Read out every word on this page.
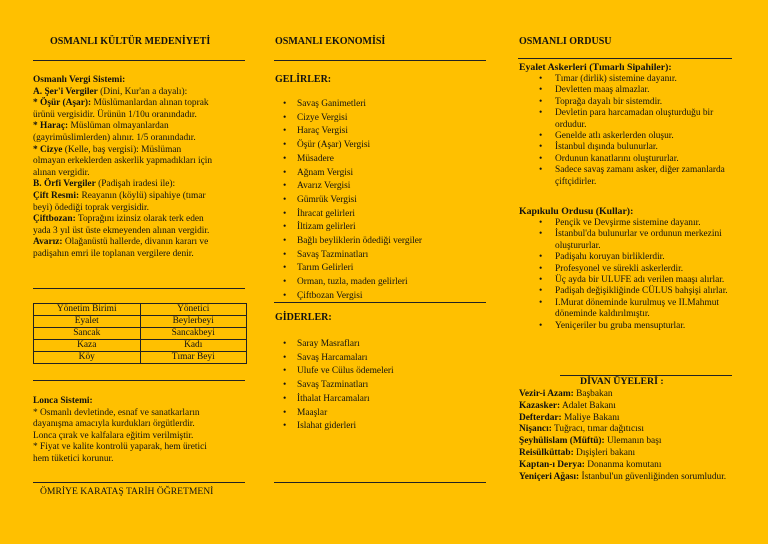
OSMANLI KÜLTÜR MEDENİYETİ
Osmanlı Vergi Sistemi:
A. Şer'i Vergiler (Dini, Kur'an a dayalı):
* Öşür (Aşar): Müslümanlardan alınan toprak
ürünü vergisidir. Ürünün 1/10u oranındadır.
* Haraç: Müslüman olmayanlardan
(gayrimüslimlerden) alınır. 1/5 oranındadır.
* Cizye (Kelle, baş vergisi): Müslüman
olmayan erkeklerden askerlik yapmadıkları için
alınan vergidir.
B. Örfi Vergiler (Padişah iradesi ile):
Çift Resmi: Reayanın (köylü) sipahiye (tımar
beyi) ödediği toprak vergisidir.
Çiftbozan: Toprağını izinsiz olarak terk eden
yada 3 yıl üst üste ekmeyenden alınan vergidir.
Avarız: Olağanüstü hallerde, divanın kararı ve
padişahın emri ile toplanan vergilere denir.
Yönetim Birimi	Yönetici
Eyalet	Beylerbeyi
Sancak	Sancakbeyi
Kaza	Kadı
Köy	Tımar Beyi
Lonca Sistemi:
* Osmanlı devletinde, esnaf ve sanatkarların
dayanışma amacıyla kurdukları örgütlerdir.
Lonca çırak ve kalfalara eğitim verilmiştir.
* Fiyat ve kalite kontrolü yaparak, hem üretici
hem tüketici korunur.
ÖMRİYE KARATAŞ TARİH ÖĞRETMENİ
OSMANLI EKONOMİSİ
GELİRLER:
• Savaş Ganimetleri
• Cizye Vergisi
• Haraç Vergisi
• Öşür (Aşar) Vergisi
• Müsadere
• Ağnam Vergisi
• Avarız Vergisi
• Gümrük Vergisi
• İhracat gelirleri
• İltizam gelirleri
• Bağlı beyliklerin ödediği vergiler
• Savaş Tazminatları
• Tarım Gelirleri
• Orman, tuzla, maden gelirleri
• Çiftbozan Vergisi
GİDERLER:
• Saray Masrafları
• Savaş Harcamaları
• Ulufe ve Cülus ödemeleri
• Savaş Tazminatları
• İthalat Harcamaları
• Maaşlar
• Islahat giderleri
OSMANLI ORDUSU
Eyalet Askerleri (Tımarlı Sipahiler):
• Tımar (dirlik) sistemine dayanır.
• Devletten maaş almazlar.
• Toprağa dayalı bir sistemdir.
• Devletin para harcamadan oluşturduğu bir ordudur.
• Genelde atlı askerlerden oluşur.
• İstanbul dışında bulunurlar.
• Ordunun kanatlarını oluştururlar.
• Sadece savaş zamanı asker, diğer zamanlarda çiftçidirler.
Kapıkulu Ordusu (Kullar):
• Pençik ve Devşirme sistemine dayanır.
• İstanbul'da bulunurlar ve ordunun merkezini oluştururlar.
• Padişahı koruyan birliklerdir.
• Profesyonel ve sürekli askerlerdir.
• Üç ayda bir ULUFE adı verilen maaşı alırlar.
• Padişah değişikliğinde CÜLUS bahşişi alırlar.
• I.Murat döneminde kurulmuş ve II.Mahmut döneminde kaldırılmıştır.
• Yeniçeriler bu gruba mensupturlar.
DİVAN ÜYELERİ :
Vezir-i Azam: Başbakan
Kazasker: Adalet Bakanı
Defterdar: Maliye Bakanı
Nişancı: Tuğracı, tımar dağıtıcısı
Şeyhülislam (Müftü): Ulemanın başı
Reisülküttab: Dışişleri bakanı
Kaptan-ı Derya: Donanma komutanı
Yeniçeri Ağası: İstanbul'un güvenliğinden sorumludur.
